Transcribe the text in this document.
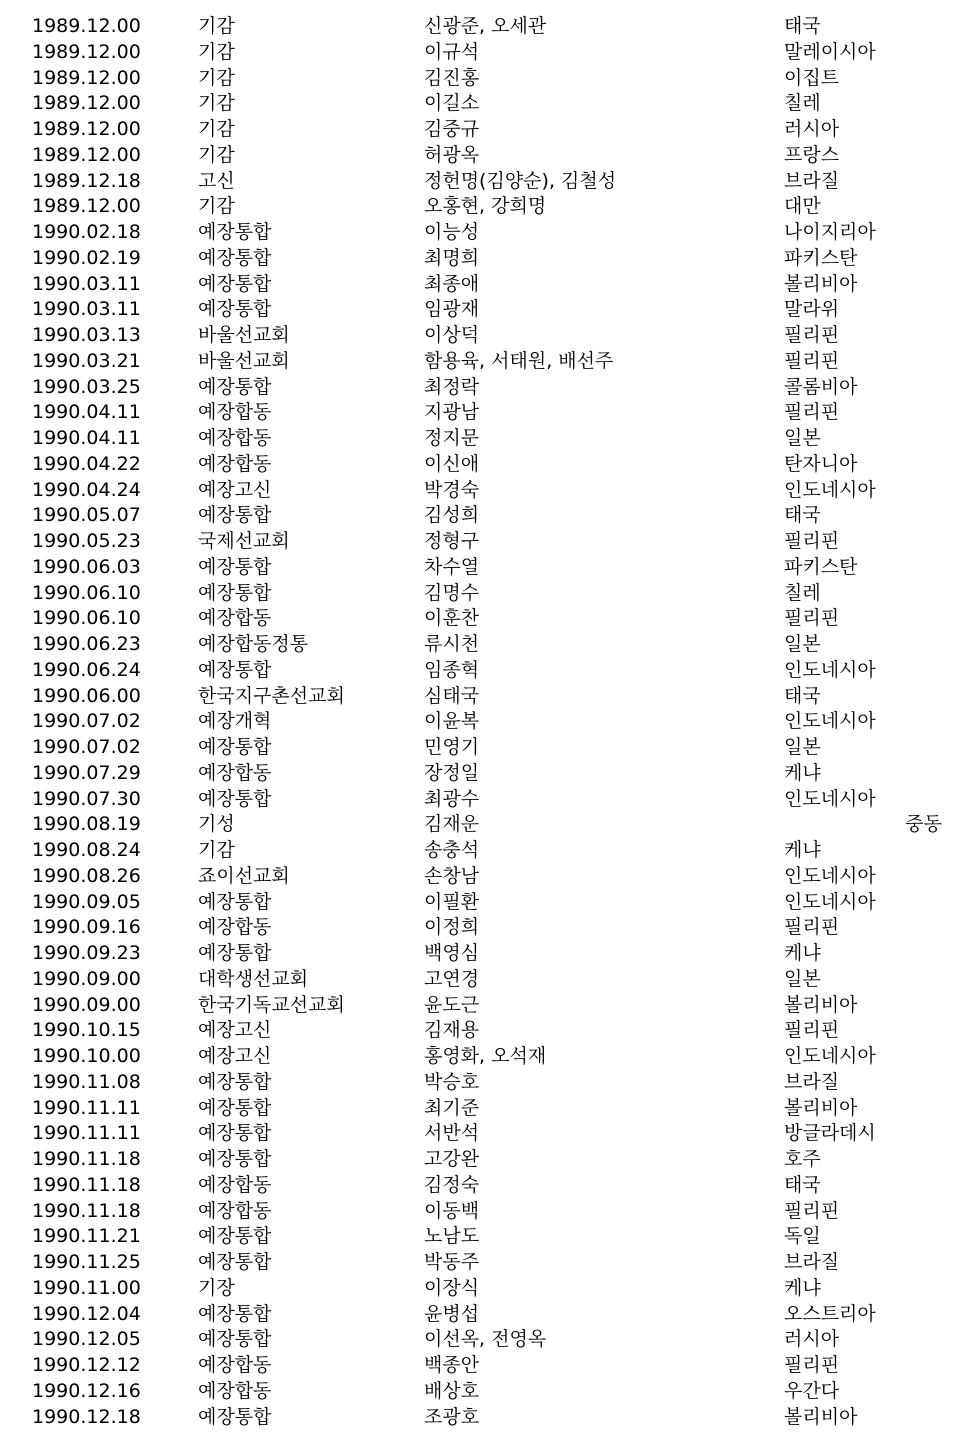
1989.12.00	기감	신광준, 오세관	태국
1989.12.00	기감	이규석	말레이시아
1989.12.00	기감	김진홍	이집트
1989.12.00	기감	이길소	칠레
1989.12.00	기감	김중규	러시아
1989.12.00	기감	허광옥	프랑스
1989.12.18	고신	정헌명(김양순), 김철성	브라질
1989.12.00	기감	오홍현, 강희명	대만
1990.02.18	예장통합	이능성	나이지리아
1990.02.19	예장통합	최명희	파키스탄
1990.03.11	예장통합	최종애	볼리비아
1990.03.11	예장통합	임광재	말라위
1990.03.13	바울선교회	이상덕	필리핀
1990.03.21	바울선교회	함용육, 서태원, 배선주	필리핀
1990.03.25	예장통합	최정락	콜롬비아
1990.04.11	예장합동	지광남	필리핀
1990.04.11	예장합동	정지문	일본
1990.04.22	예장합동	이신애	탄자니아
1990.04.24	예장고신	박경숙	인도네시아
1990.05.07	예장통합	김성희	태국
1990.05.23	국제선교회	정형구	필리핀
1990.06.03	예장통합	차수열	파키스탄
1990.06.10	예장통합	김명수	칠레
1990.06.10	예장합동	이훈찬	필리핀
1990.06.23	예장합동정통	류시천	일본
1990.06.24	예장통합	임종혁	인도네시아
1990.06.00	한국지구촌선교회	심태국	태국
1990.07.02	예장개혁	이윤복	인도네시아
1990.07.02	예장통합	민영기	일본
1990.07.29	예장합동	장정일	케냐
1990.07.30	예장통합	최광수	인도네시아
1990.08.19	기성	김재운	중동
1990.08.24	기감	송충석	케냐
1990.08.26	죠이선교회	손창남	인도네시아
1990.09.05	예장통합	이필환	인도네시아
1990.09.16	예장합동	이정희	필리핀
1990.09.23	예장통합	백영심	케냐
1990.09.00	대학생선교회	고연경	일본
1990.09.00	한국기독교선교회	윤도근	볼리비아
1990.10.15	예장고신	김재용	필리핀
1990.10.00	예장고신	홍영화, 오석재	인도네시아
1990.11.08	예장통합	박승호	브라질
1990.11.11	예장통합	최기준	볼리비아
1990.11.11	예장통합	서반석	방글라데시
1990.11.18	예장통합	고강완	호주
1990.11.18	예장합동	김정숙	태국
1990.11.18	예장합동	이동백	필리핀
1990.11.21	예장통합	노남도	독일
1990.11.25	예장통합	박동주	브라질
1990.11.00	기장	이장식	케냐
1990.12.04	예장통합	윤병섭	오스트리아
1990.12.05	예장통합	이선옥, 전영옥	러시아
1990.12.12	예장합동	백종안	필리핀
1990.12.16	예장합동	배상호	우간다
1990.12.18	예장통합	조광호	볼리비아
